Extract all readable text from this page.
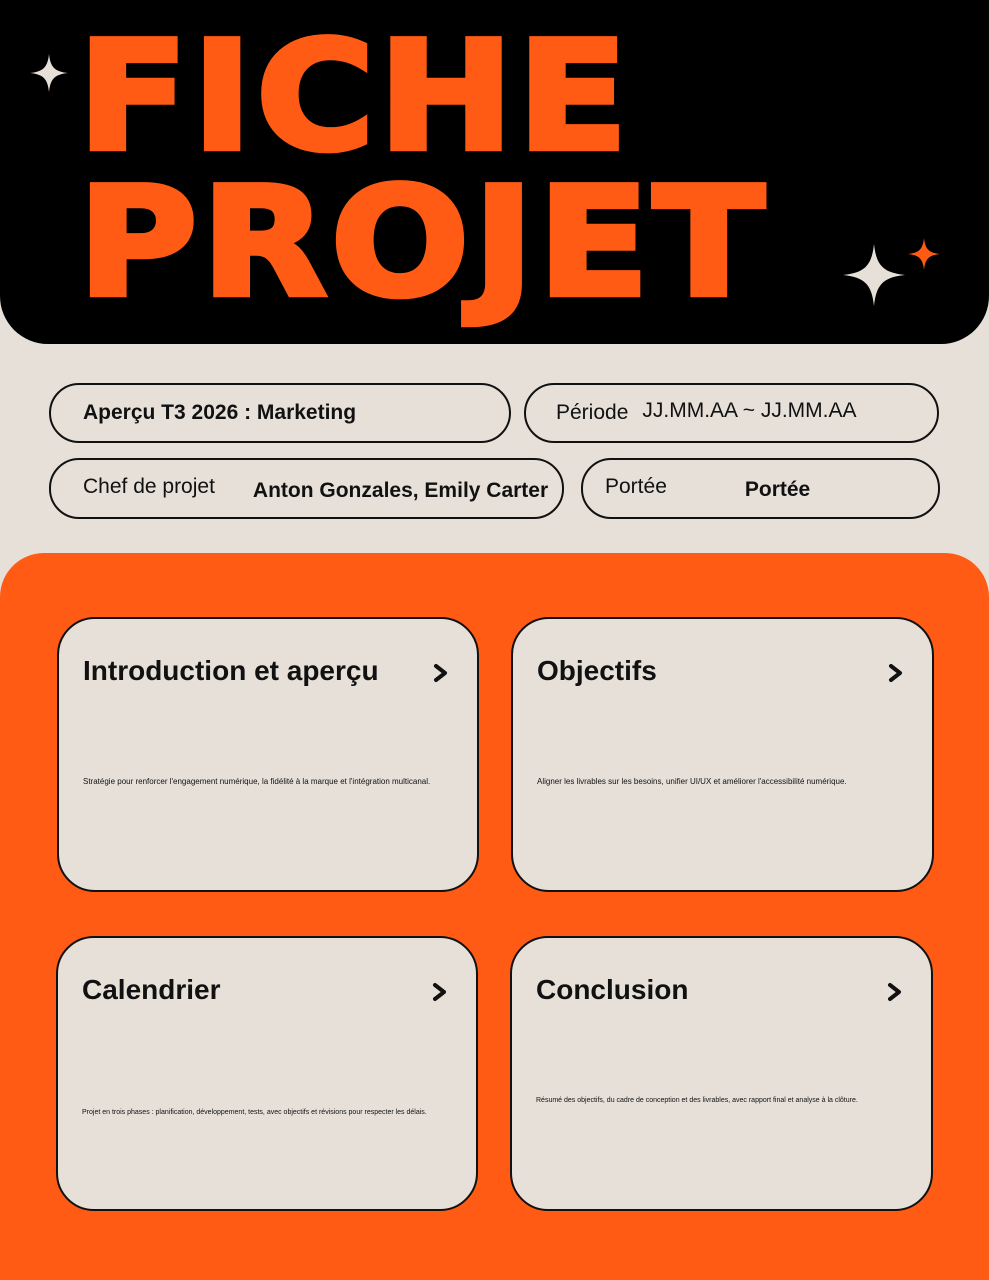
FICHE
PROJET
Aperçu T3 2026 : Marketing	Période JJ.MM.AA ~ JJ.MM.AA
Chef de projet Anton Gonzales, Emily Carter	Portée	Portée
Introduction et aperçu

Stratégie pour renforcer l'engagement numérique, la fidélité à la marque et l'intégration multicanal.

Objectifs

Aligner les livrables sur les besoins, unifier UI/UX et améliorer l'accessibilité numérique.

Calendrier

Projet en trois phases : planification, développement, tests, avec objectifs et révisions pour respecter les délais.

Conclusion

Résumé des objectifs, du cadre de conception et des livrables, avec rapport final et analyse à la clôture.
